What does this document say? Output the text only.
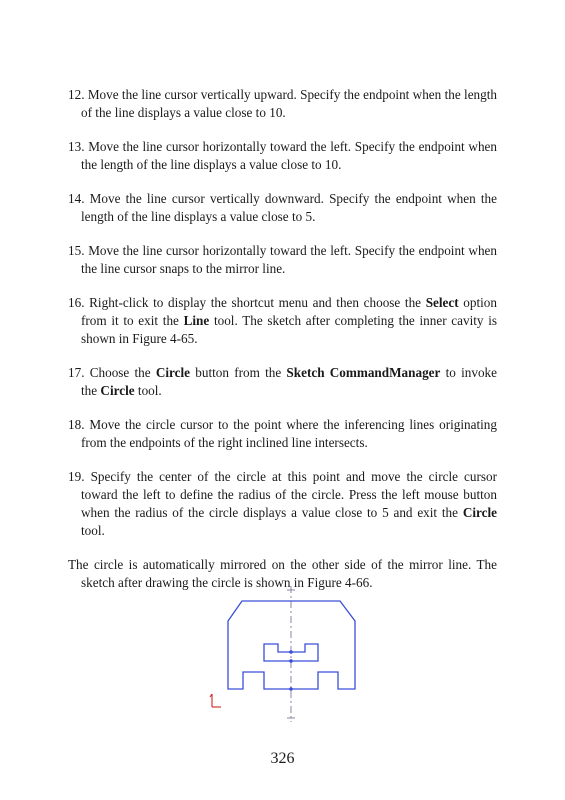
12. Move the line cursor vertically upward. Specify the endpoint when the length of the line displays a value close to 10.

13. Move the line cursor horizontally toward the left. Specify the endpoint when the length of the line displays a value close to 10.

14. Move the line cursor vertically downward. Specify the endpoint when the length of the line displays a value close to 5.

15. Move the line cursor horizontally toward the left. Specify the endpoint when the line cursor snaps to the mirror line.

16. Right-click to display the shortcut menu and then choose the Select option from it to exit the Line tool. The sketch after completing the inner cavity is shown in Figure 4-65.

17. Choose the Circle button from the Sketch CommandManager to invoke the Circle tool.

18. Move the circle cursor to the point where the inferencing lines originating from the endpoints of the right inclined line intersects.

19. Specify the center of the circle at this point and move the circle cursor toward the left to define the radius of the circle. Press the left mouse button when the radius of the circle displays a value close to 5 and exit the Circle tool.

The circle is automatically mirrored on the other side of the mirror line. The sketch after drawing the circle is shown in Figure 4-66.

326
